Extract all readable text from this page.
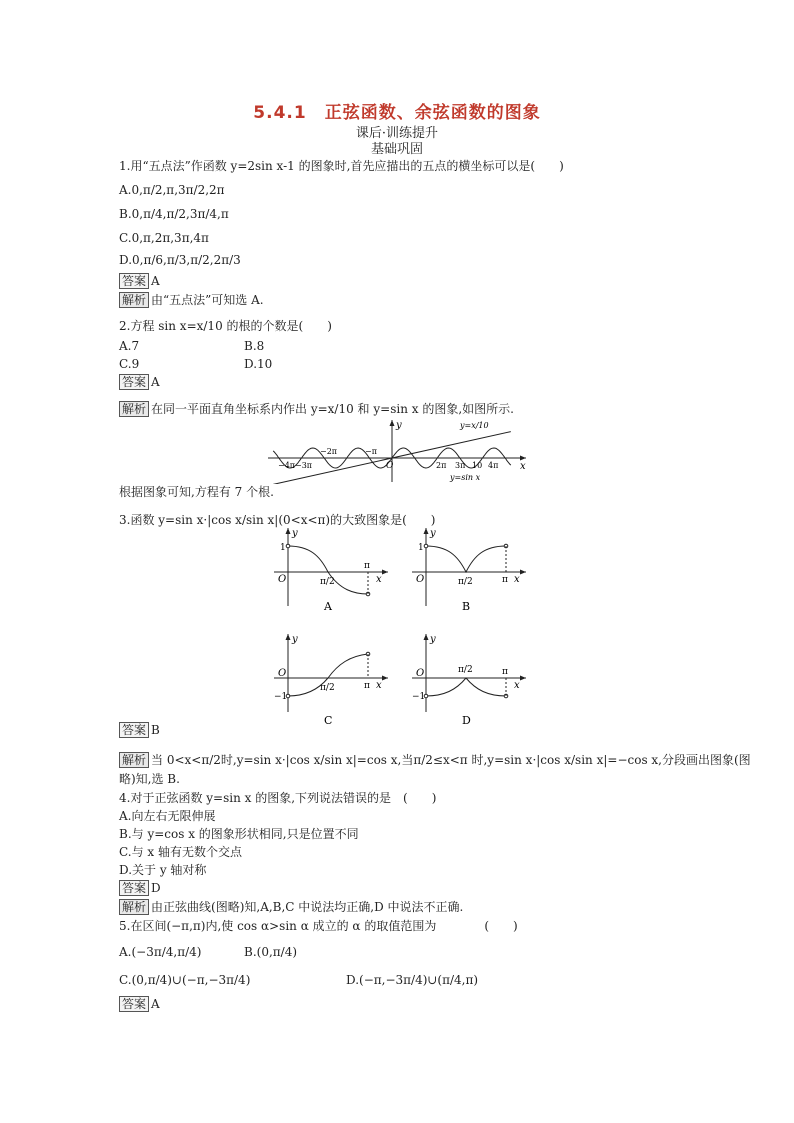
5.4.1　正弦函数、余弦函数的图象
课后·训练提升
基础巩固
1.用“五点法”作函数 y=2sin x-1 的图象时,首先应描出的五点的横坐标可以是(　　)
A.0,π/2,π,3π/2,2π
B.0,π/4,π/2,3π/4,π
C.0,π,2π,3π,4π
D.0,π/6,π/3,π/2,2π/3
答案 A
解析 由“五点法”可知选 A.
2.方程 sin x=x/10 的根的个数是(　　)
A.7	B.8
C.9	D.10
答案 A
解析 在同一平面直角坐标系内作出 y=x/10 和 y=sin x 的图象,如图所示.
y
x
O
y=x/10
y=sin x
−4π −3π
−2π	−π
2π 3π 10 4π
根据图象可知,方程有 7 个根.
3.函数 y=sin x·|cos x/sin x|(0<x<π)的大致图象是(　　)
y
x
O
1
π/2
π
A
y
x
O
1
π/2	π
B
y
x
O
−1
π/2	π
C
y
x
O
−1
π/2	π
D
答案 B
解析 当 0<x<π/2时,y=sin x·|cos x/sin x|=cos x,当π/2≤x<π 时,y=sin x·|cos x/sin x|=−cos x,分段画出图象(图
略)知,选 B.
4.对于正弦函数 y=sin x 的图象,下列说法错误的是　(　　)
A.向左右无限伸展
B.与 y=cos x 的图象形状相同,只是位置不同
C.与 x 轴有无数个交点
D.关于 y 轴对称
答案 D
解析 由正弦曲线(图略)知,A,B,C 中说法均正确,D 中说法不正确.
5.在区间(−π,π)内,使 cos α>sin α 成立的 α 的取值范围为　　　　(　　)
A.(−3π/4,π/4)	B.(0,π/4)
C.(0,π/4)∪(−π,−3π/4)	D.(−π,−3π/4)∪(π/4,π)
答案 A
